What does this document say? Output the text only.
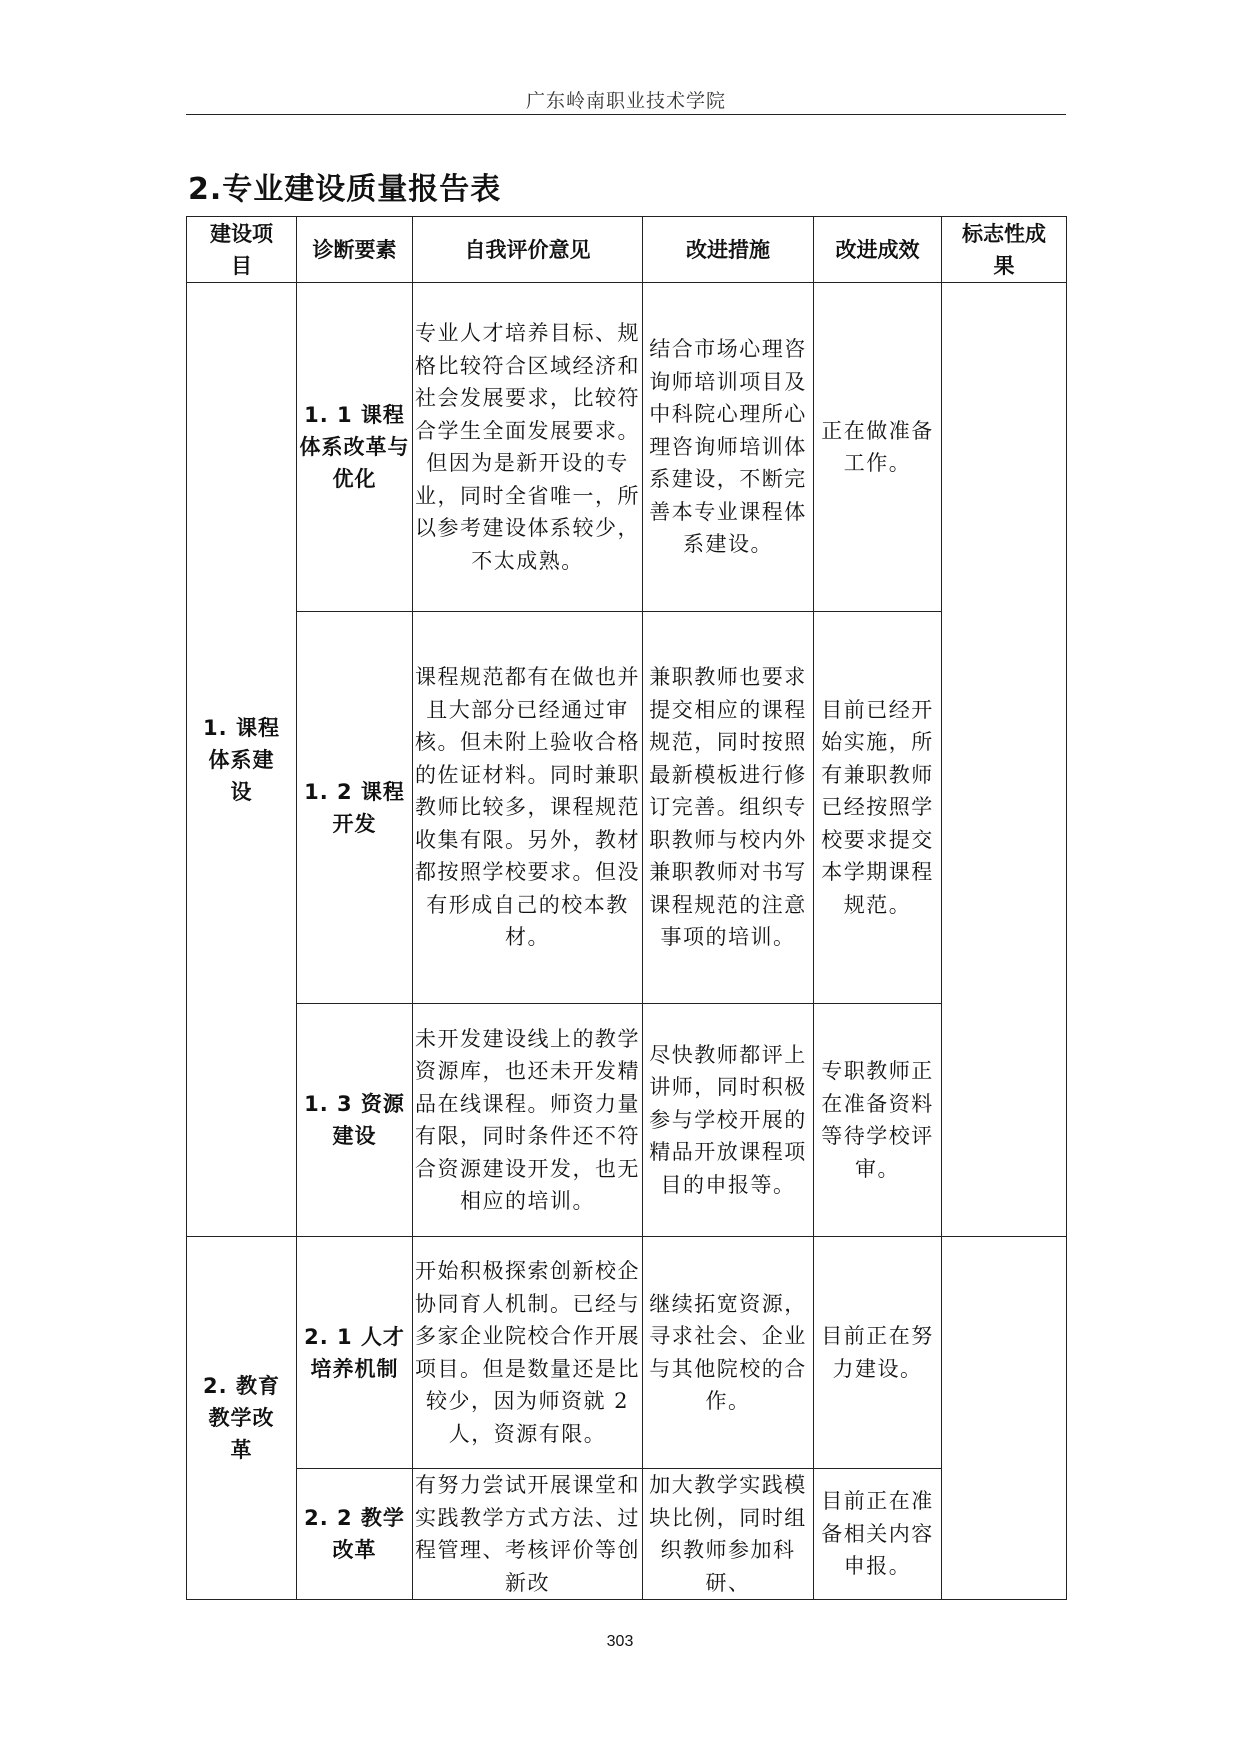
广东岭南职业技术学院
2.专业建设质量报告表
建设项目	诊断要素	自我评价意见	改进措施	改进成效	标志性成果
1. 课程体系建设	1. 1 课程体系改革与优化	专业人才培养目标、规格比较符合区域经济和社会发展要求，比较符合学生全面发展要求。但因为是新开设的专业，同时全省唯一，所以参考建设体系较少，不太成熟。	结合市场心理咨询师培训项目及中科院心理所心理咨询师培训体系建设，不断完善本专业课程体系建设。	正在做准备工作。	
	1. 2 课程开发	课程规范都有在做也并且大部分已经通过审核。但未附上验收合格的佐证材料。同时兼职教师比较多，课程规范收集有限。另外，教材都按照学校要求。但没有形成自己的校本教材。	兼职教师也要求提交相应的课程规范，同时按照最新模板进行修订完善。组织专职教师与校内外兼职教师对书写课程规范的注意事项的培训。	目前已经开始实施，所有兼职教师已经按照学校要求提交本学期课程规范。	
	1. 3 资源建设	未开发建设线上的教学资源库，也还未开发精品在线课程。师资力量有限，同时条件还不符合资源建设开发，也无相应的培训。	尽快教师都评上讲师，同时积极参与学校开展的精品开放课程项目的申报等。	专职教师正在准备资料等待学校评审。	
2. 教育教学改革	2. 1 人才培养机制	开始积极探索创新校企协同育人机制。已经与多家企业院校合作开展项目。但是数量还是比较少，因为师资就 2 人，资源有限。	继续拓宽资源，寻求社会、企业与其他院校的合作。	目前正在努力建设。	
	2. 2 教学改革	有努力尝试开展课堂和实践教学方式方法、过程管理、考核评价等创新改	加大教学实践模块比例，同时组织教师参加科研、	目前正在准备相关内容申报。	
303
